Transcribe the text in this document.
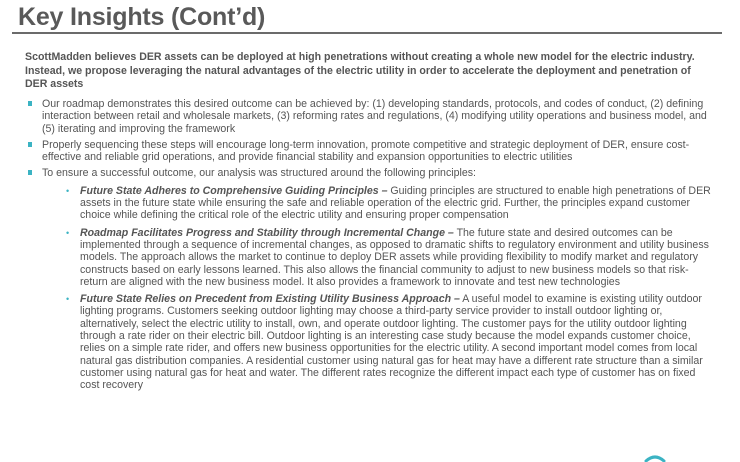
Key Insights (Cont’d)

ScottMadden believes DER assets can be deployed at high penetrations without creating a whole new model for the electric industry. Instead, we propose leveraging the natural advantages of the electric utility in order to accelerate the deployment and penetration of DER assets

Our roadmap demonstrates this desired outcome can be achieved by: (1) developing standards, protocols, and codes of conduct, (2) defining interaction between retail and wholesale markets, (3) reforming rates and regulations, (4) modifying utility operations and business model, and (5) iterating and improving the framework
Properly sequencing these steps will encourage long-term innovation, promote competitive and strategic deployment of DER, ensure cost-effective and reliable grid operations, and provide financial stability and expansion opportunities to electric utilities
To ensure a successful outcome, our analysis was structured around the following principles:
• Future State Adheres to Comprehensive Guiding Principles – Guiding principles are structured to enable high penetrations of DER assets in the future state while ensuring the safe and reliable operation of the electric grid. Further, the principles expand customer choice while defining the critical role of the electric utility and ensuring proper compensation
• Roadmap Facilitates Progress and Stability through Incremental Change – The future state and desired outcomes can be implemented through a sequence of incremental changes, as opposed to dramatic shifts to regulatory environment and utility business models. The approach allows the market to continue to deploy DER assets while providing flexibility to modify market and regulatory constructs based on early lessons learned. This also allows the financial community to adjust to new business models so that risk-return are aligned with the new business model. It also provides a framework to innovate and test new technologies
• Future State Relies on Precedent from Existing Utility Business Approach – A useful model to examine is existing utility outdoor lighting programs. Customers seeking outdoor lighting may choose a third-party service provider to install outdoor lighting or, alternatively, select the electric utility to install, own, and operate outdoor lighting. The customer pays for the utility outdoor lighting through a rate rider on their electric bill. Outdoor lighting is an interesting case study because the model expands customer choice, relies on a simple rate rider, and offers new business opportunities for the electric utility. A second important model comes from local natural gas distribution companies. A residential customer using natural gas for heat may have a different rate structure than a similar customer using natural gas for heat and water. The different rates recognize the different impact each type of customer has on fixed cost recovery
